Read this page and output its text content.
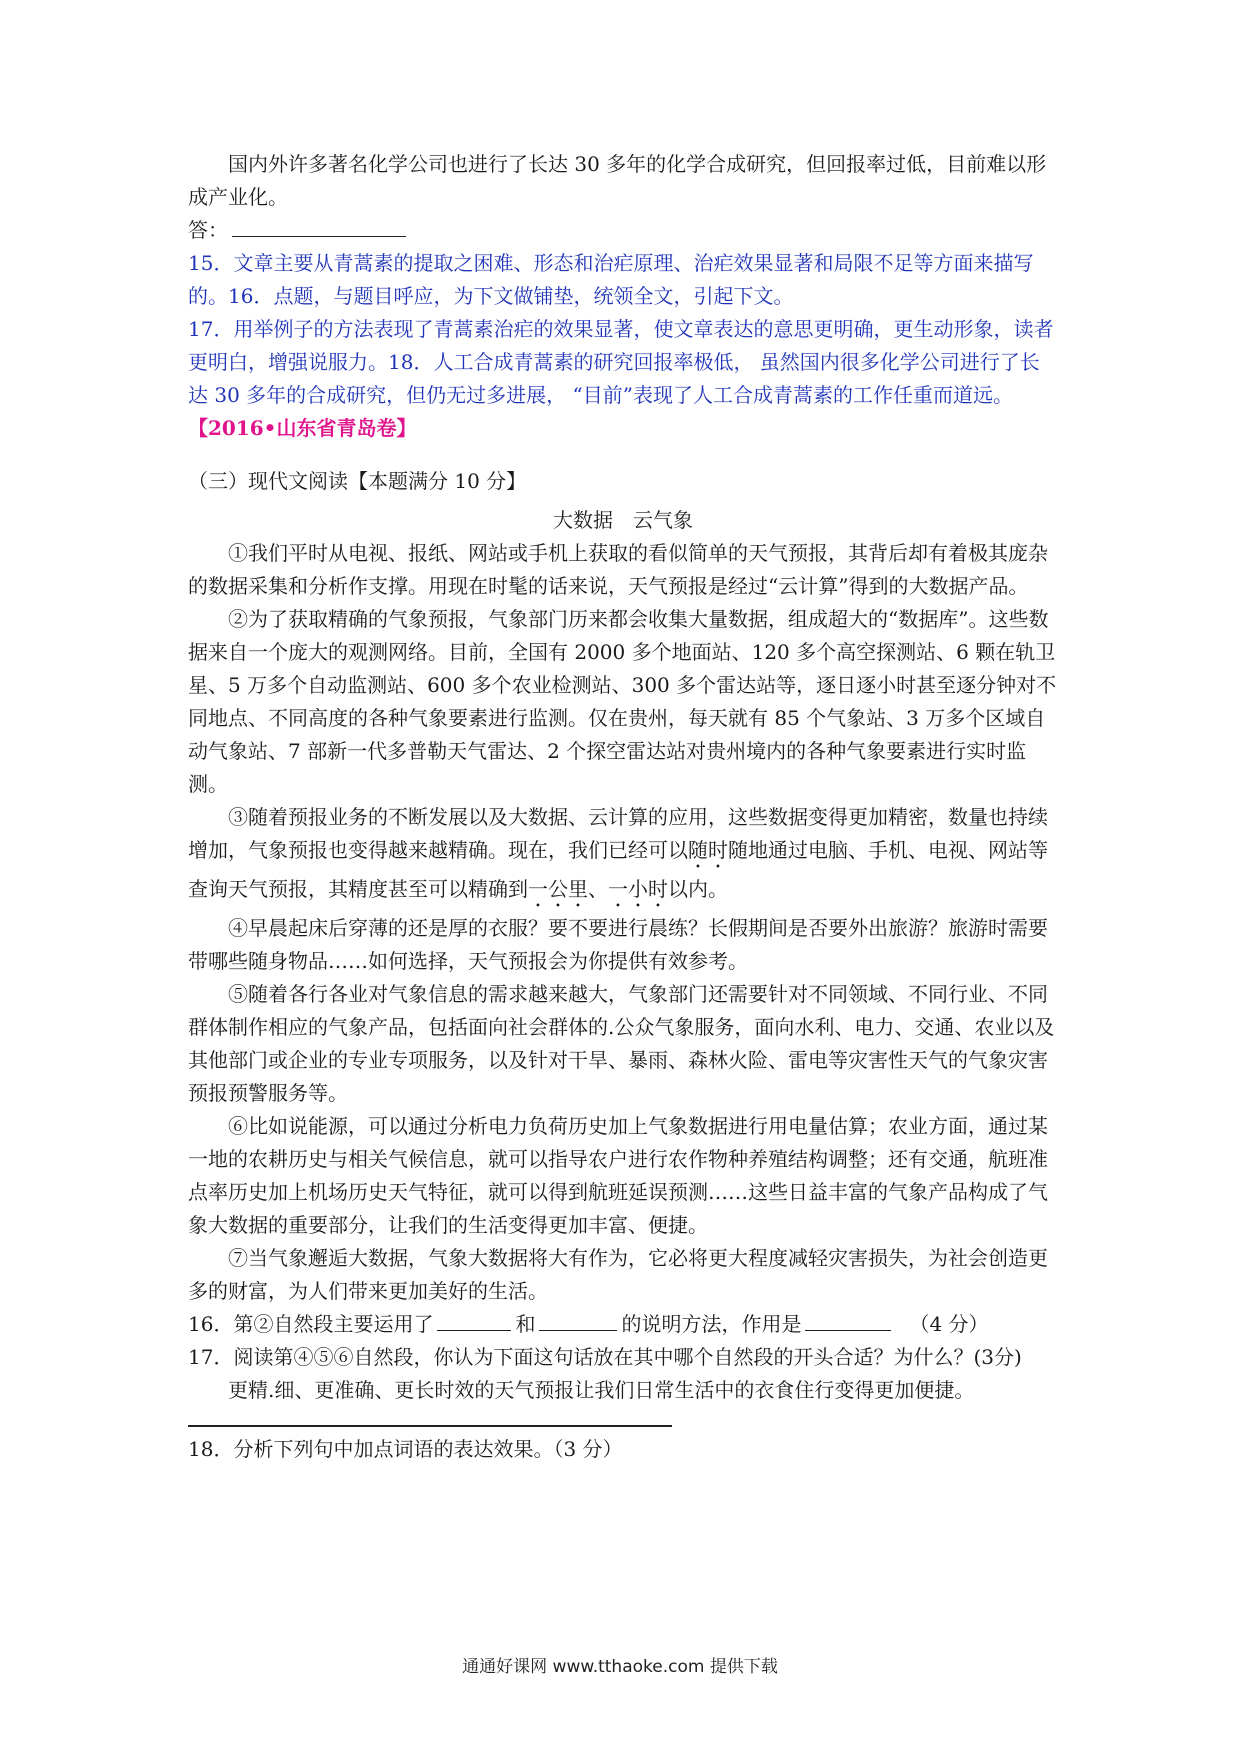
国内外许多著名化学公司也进行了长达 30 多年的化学合成研究，但回报率过低，目前难以形成产业化。

答：

15．文章主要从青蒿素的提取之困难、形态和治疟原理、治疟效果显著和局限不足等方面来描写的。16．点题，与题目呼应，为下文做铺垫，统领全文，引起下文。

17．用举例子的方法表现了青蒿素治疟的效果显著，使文章表达的意思更明确，更生动形象，读者更明白，增强说服力。18．人工合成青蒿素的研究回报率极低， 虽然国内很多化学公司进行了长达 30 多年的合成研究，但仍无过多进展， “目前”表现了人工合成青蒿素的工作任重而道远。

【2016•山东省青岛卷】

（三）现代文阅读【本题满分 10 分】

大数据　云气象

①我们平时从电视、报纸、网站或手机上获取的看似简单的天气预报，其背后却有着极其庞杂的数据采集和分析作支撑。用现在时髦的话来说，天气预报是经过“云计算”得到的大数据产品。

②为了获取精确的气象预报，气象部门历来都会收集大量数据，组成超大的“数据库”。这些数据来自一个庞大的观测网络。目前，全国有 2000 多个地面站、120 多个高空探测站、6 颗在轨卫星、5 万多个自动监测站、600 多个农业检测站、300 多个雷达站等，逐日逐小时甚至逐分钟对不同地点、不同高度的各种气象要素进行监测。仅在贵州，每天就有 85 个气象站、3 万多个区域自动气象站、7 部新一代多普勒天气雷达、2 个探空雷达站对贵州境内的各种气象要素进行实时监测。

③随着预报业务的不断发展以及大数据、云计算的应用，这些数据变得更加精密，数量也持续增加，气象预报也变得越来越精确。现在，我们已经可以随时随地通过电脑、手机、电视、网站等查询天气预报，其精度甚至可以精确到一公里、一小时以内。

④早晨起床后穿薄的还是厚的衣服？要不要进行晨练？长假期间是否要外出旅游？旅游时需要带哪些随身物品……如何选择，天气预报会为你提供有效参考。

⑤随着各行各业对气象信息的需求越来越大，气象部门还需要针对不同领域、不同行业、不同群体制作相应的气象产品，包括面向社会群体的.公众气象服务，面向水利、电力、交通、农业以及其他部门或企业的专业专项服务，以及针对干旱、暴雨、森林火险、雷电等灾害性天气的气象灾害预报预警服务等。

⑥比如说能源，可以通过分析电力负荷历史加上气象数据进行用电量估算；农业方面，通过某一地的农耕历史与相关气候信息，就可以指导农户进行农作物种养殖结构调整；还有交通，航班准点率历史加上机场历史天气特征，就可以得到航班延误预测……这些日益丰富的气象产品构成了气象大数据的重要部分，让我们的生活变得更加丰富、便捷。

⑦当气象邂逅大数据，气象大数据将大有作为，它必将更大程度减轻灾害损失，为社会创造更多的财富，为人们带来更加美好的生活。

16．第②自然段主要运用了	和	的说明方法，作用是	（4 分）

17．阅读第④⑤⑥自然段，你认为下面这句话放在其中哪个自然段的开头合适？为什么？(3分)

更精.细、更准确、更长时效的天气预报让我们日常生活中的衣食住行变得更加便捷。

18．分析下列句中加点词语的表达效果。（3 分）

通通好课网 www.tthaoke.com 提供下载
